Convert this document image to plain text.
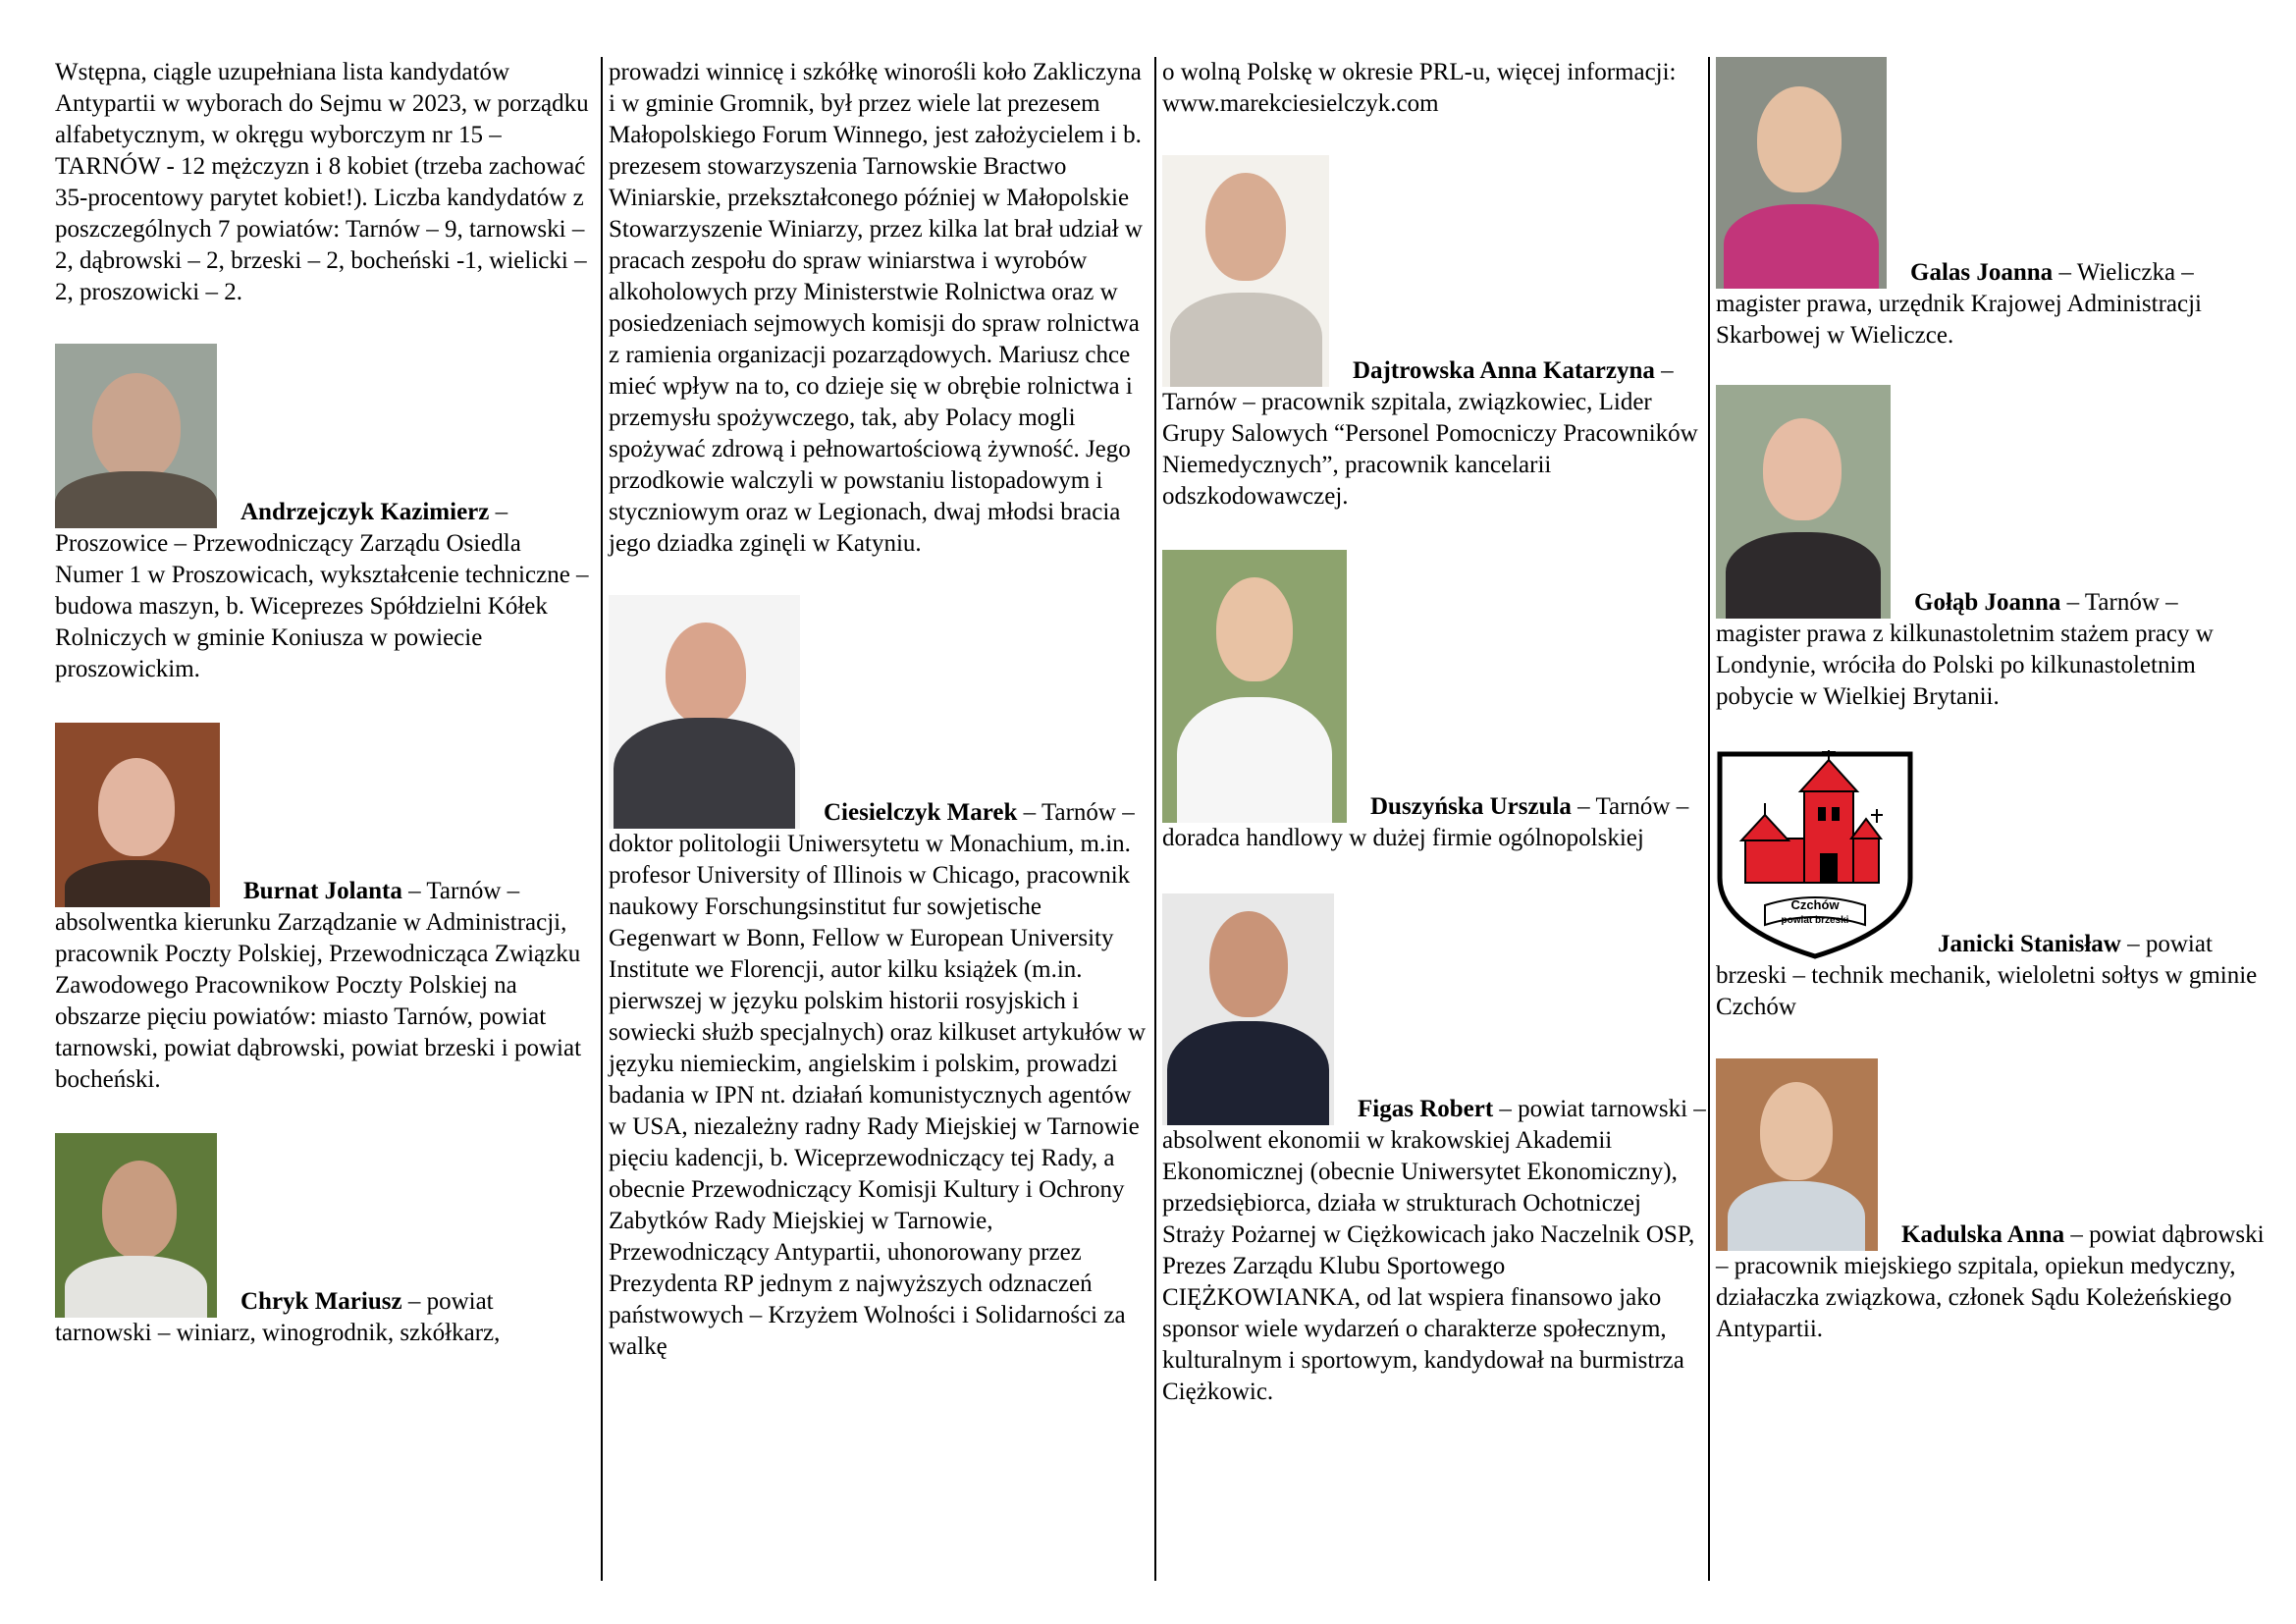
Wstępna, ciągle uzupełniana lista kandydatów Antypartii w wyborach do Sejmu w 2023, w porządku alfabetycznym, w okręgu wyborczym nr 15 – TARNÓW - 12 mężczyzn i 8 kobiet (trzeba zachować 35-procentowy parytet kobiet!). Liczba kandydatów z poszczególnych 7 powiatów: Tarnów – 9, tarnowski – 2, dąbrowski – 2, brzeski – 2, bocheński -1, wielicki – 2, proszowicki – 2.

Andrzejczyk Kazimierz – Proszowice – Przewodniczący Zarządu Osiedla Numer 1 w Proszowicach, wykształcenie techniczne – budowa maszyn, b. Wiceprezes Spółdzielni Kółek Rolniczych w gminie Koniusza w powiecie proszowickim.
Burnat Jolanta – Tarnów – absolwentka kierunku Zarządzanie w Administracji, pracownik Poczty Polskiej, Przewodnicząca Związku Zawodowego Pracownikow Poczty Polskiej na obszarze pięciu powiatów: miasto Tarnów, powiat tarnowski, powiat dąbrowski, powiat brzeski i powiat bocheński.
Chryk Mariusz – powiat tarnowski – winiarz, winogrodnik, szkółkarz,

prowadzi winnicę i szkółkę winorośli koło Zakliczyna i w gminie Gromnik, był przez wiele lat prezesem Małopolskiego Forum Winnego, jest założycielem i b. prezesem stowarzyszenia Tarnowskie Bractwo Winiarskie, przekształconego później w Małopolskie Stowarzyszenie Winiarzy, przez kilka lat brał udział w pracach zespołu do spraw winiarstwa i wyrobów alkoholowych przy Ministerstwie Rolnictwa oraz w posiedzeniach sejmowych komisji do spraw rolnictwa z ramienia organizacji pozarządowych. Mariusz chce mieć wpływ na to, co dzieje się w obrębie rolnictwa i przemysłu spożywczego, tak, aby Polacy mogli spożywać zdrową i pełnowartościową żywność. Jego przodkowie walczyli w powstaniu listopadowym i styczniowym oraz w Legionach, dwaj młodsi bracia jego dziadka zginęli w Katyniu.

Ciesielczyk Marek – Tarnów – doktor politologii Uniwersytetu w Monachium, m.in. profesor University of Illinois w Chicago, pracownik naukowy Forschungsinstitut fur sowjetische Gegenwart w Bonn, Fellow w European University Institute we Florencji, autor kilku książek (m.in. pierwszej w języku polskim historii rosyjskich i sowiecki służb specjalnych) oraz kilkuset artykułów w języku niemieckim, angielskim i polskim, prowadzi badania w IPN nt. działań komunistycznych agentów w USA, niezależny radny Rady Miejskiej w Tarnowie pięciu kadencji, b. Wiceprzewodniczący tej Rady, a obecnie Przewodniczący Komisji Kultury i Ochrony Zabytków Rady Miejskiej w Tarnowie, Przewodniczący Antypartii, uhonorowany przez Prezydenta RP jednym z najwyższych odznaczeń państwowych – Krzyżem Wolności i Solidarności za walkę

o wolną Polskę w okresie PRL-u, więcej informacji: www.marekciesielczyk.com

Dajtrowska Anna Katarzyna – Tarnów – pracownik szpitala, związkowiec, Lider Grupy Salowych “Personel Pomocniczy Pracowników Niemedycznych”, pracownik kancelarii odszkodowawczej.
Duszyńska Urszula – Tarnów – doradca handlowy w dużej firmie ogólnopolskiej
Figas Robert – powiat tarnowski – absolwent ekonomii w krakowskiej Akademii Ekonomicznej (obecnie Uniwersytet Ekonomiczny), przedsiębiorca, działa w strukturach Ochotniczej Straży Pożarnej w Ciężkowicach jako Naczelnik OSP, Prezes Zarządu Klubu Sportowego CIĘŻKOWIANKA, od lat wspiera finansowo jako sponsor wiele wydarzeń o charakterze społecznym, kulturalnym i sportowym, kandydował na burmistrza Ciężkowic.
Galas Joanna – Wieliczka – magister prawa, urzędnik Krajowej Administracji Skarbowej w Wieliczce.
Gołąb Joanna – Tarnów – magister prawa z kilkunastoletnim stażem pracy w Londynie, wróciła do Polski po kilkunastoletnim pobycie w Wielkiej Brytanii.
Czchów
powiat brzeski
Janicki Stanisław – powiat brzeski – technik mechanik, wieloletni sołtys w gminie Czchów
Kadulska Anna – powiat dąbrowski – pracownik miejskiego szpitala, opiekun medyczny, działaczka związkowa, członek Sądu Koleżeńskiego Antypartii.
